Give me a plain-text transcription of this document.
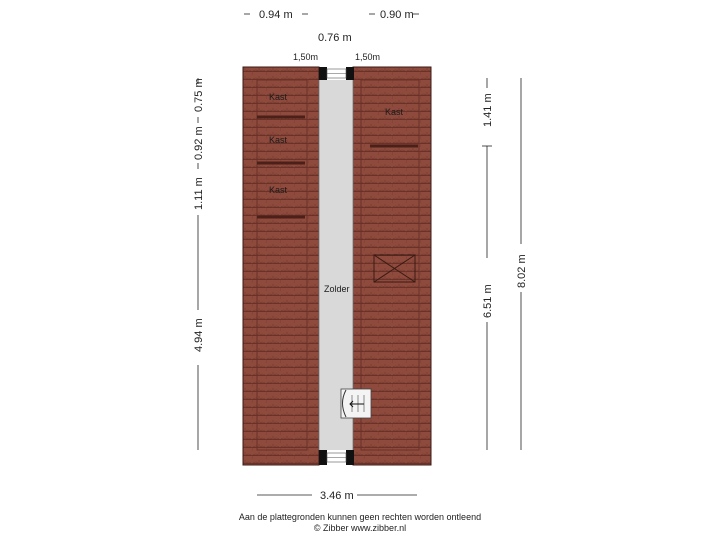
Kast
Kast
Kast
Kast
Zolder
0.94 m	0.90 m
0.76 m
1,50m	1,50m
0.75 m
0.92 m
1.11 m
4.94 m
1.41 m
6.51 m
8.02 m
3.46 m
Aan de plattegronden kunnen geen rechten worden ontleend
© Zibber www.zibber.nl
